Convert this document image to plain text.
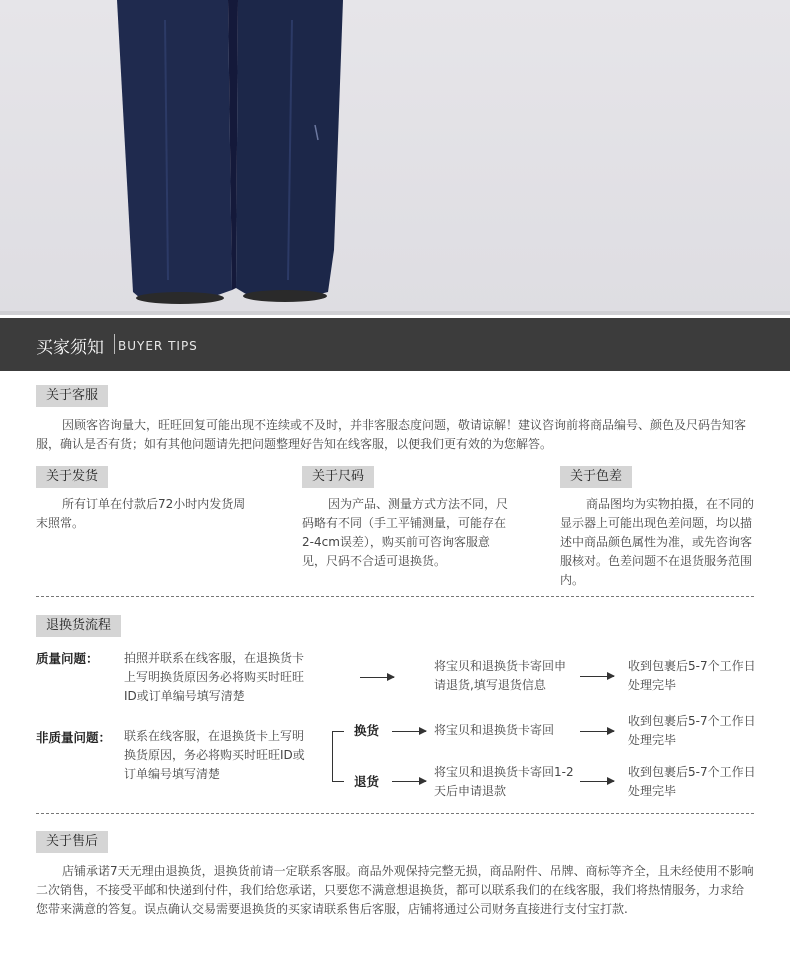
买家须知 BUYER TIPS
关于客服
因顾客咨询量大，旺旺回复可能出现不连续或不及时，并非客服态度问题，敬请谅解！建议咨询前将商品编号、颜色及尺码告知客服，确认是否有货；如有其他问题请先把问题整理好告知在线客服，以便我们更有效的为您解答。
关于发货
所有订单在付款后72小时内发货周末照常。
关于尺码
因为产品、测量方式方法不同，尺码略有不同（手工平铺测量，可能存在2-4cm误差），购买前可咨询客服意见，尺码不合适可退换货。
关于色差
商品图均为实物拍摄，在不同的显示器上可能出现色差问题，均以描述中商品颜色属性为准，或先咨询客服核对。色差问题不在退货服务范围内。
退换货流程
质量问题： 拍照并联系在线客服，在退换货卡上写明换货原因务必将购买时旺旺ID或订单编号填写清楚
将宝贝和退换货卡寄回申请退货,填写退货信息
收到包裹后5-7个工作日处理完毕
非质量问题： 联系在线客服，在退换货卡上写明换货原因，务必将购买时旺旺ID或订单编号填写清楚
换货	将宝贝和退换货卡寄回
收到包裹后5-7个工作日处理完毕
退货
将宝贝和退换货卡寄回1-2天后申请退款
收到包裹后5-7个工作日处理完毕
关于售后
店铺承诺7天无理由退换货，退换货前请一定联系客服。商品外观保持完整无损，商品附件、吊牌、商标等齐全，且未经使用不影响二次销售，不接受平邮和快递到付件，我们给您承诺，只要您不满意想退换货，都可以联系我们的在线客服，我们将热情服务，力求给您带来满意的答复。误点确认交易需要退换货的买家请联系售后客服，店铺将通过公司财务直接进行支付宝打款.
